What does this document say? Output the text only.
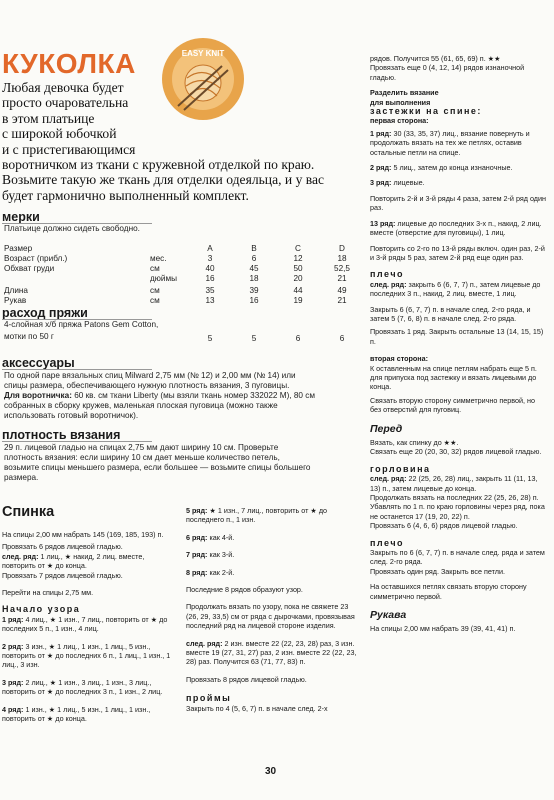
КУКОЛКА	EASY KNIT
Любая девочка будет
просто очаровательна
в этом платьице
с широкой юбочкой
и с пристегивающимся
воротничком из ткани с кружевной отделкой по краю.
Возьмите такую же ткань для отделки одеяльца, и у вас
будет гармонично выполненный комплект.
мерки
Платьице должно сидеть свободно.
Размер	A	B	C	D
Возраст (прибл.)	мес.	3	6	12	18
Обхват груди	см	40	45	50	52,5
дюймы	16	18	20	21
Длина	см	35	39	44	49
Рукав	см	13	16	19	21
расход пряжи
4-слойная х/б пряжа Patons Gem Cotton,
мотки по 50 г	5	5	6	6
аксессуары
По одной паре вязальных спиц Milward 2,75 мм (№ 12) и 2,00 мм (№ 14) или
спицы размера, обеспечивающего нужную плотность вязания, 3 пуговицы.
Для воротничка: 60 кв. см ткани Liberty (мы взяли ткань номер 332022 M), 80 см
собранных в сборку кружев, маленькая плоская пуговица (можно также
использовать готовый воротничок).
плотность вязания
29 п. лицевой гладью на спицах 2,75 мм дают ширину 10 см. Проверьте
плотность вязания: если ширину 10 см дает меньше количество петель,
возьмите спицы меньшего размера, если большее — возьмите спицы большего
размера.
Спинка
На спицы 2,00 мм набрать 145 (169, 185, 193) п.
Провязать 6 рядов лицевой гладью.
след. ряд: 1 лиц., ★ накид, 2 лиц. вместе, повторить от ★ до конца.
Провязать 7 рядов лицевой гладью.
Перейти на спицы 2,75 мм.
Начало узора
1 ряд: 4 лиц., ★ 1 изн., 7 лиц., повторить от ★ до последних 5 п., 1 изн., 4 лиц.
2 ряд: 3 изн., ★ 1 лиц., 1 изн., 1 лиц., 5 изн., повторить от ★ до последних 6 п., 1 лиц., 1 изн., 1 лиц., 3 изн.
3 ряд: 2 лиц., ★ 1 изн., 3 лиц., 1 изн., 3 лиц., повторить от ★ до последних 3 п., 1 изн., 2 лиц.
4 ряд: 1 изн., ★ 1 лиц., 5 изн., 1 лиц., 1 изн., повторить от ★ до конца.
5 ряд: ★ 1 изн., 7 лиц., повторить от ★ до последнего п., 1 изн.
6 ряд: как 4-й.
7 ряд: как 3-й.
8 ряд: как 2-й.
Последние 8 рядов образуют узор.
Продолжать вязать по узору, пока не свяжете 23 (26, 29, 33,5) см от ряда с дырочками, провязывая последний ряд на лицевой стороне изделия.
след. ряд: 2 изн. вместе 22 (22, 23, 28) раз, 3 изн. вместе 19 (27, 31, 27) раз, 2 изн. вместе 22 (22, 23, 28) раз. Получится 63 (71, 77, 83) п.
Провязать 8 рядов лицевой гладью.
проймы
Закрыть по 4 (5, 6, 7) п. в начале след. 2-х
рядов. Получится 55 (61, 65, 69) п. ★★
Провязать еще 0 (4, 12, 14) рядов изнаночной гладью.
Разделить вязание
для выполнения
застежки на спине:
первая сторона:
1 ряд: 30 (33, 35, 37) лиц., вязание повернуть и продолжать вязать на тех же петлях, оставив остальные петли на спице.
2 ряд: 5 лиц., затем до конца изнаночные.
3 ряд: лицевые.
Повторить 2-й и 3-й ряды 4 раза, затем 2-й ряд один раз.
13 ряд: лицевые до последних 3-х п., накид, 2 лиц. вместе (отверстие для пуговицы), 1 лиц.
Повторить со 2-го по 13-й ряды включ. один раз, 2-й и 3-й ряды 5 раз, затем 2-й ряд еще один раз.
плечо
след. ряд: закрыть 6 (6, 7, 7) п., затем лицевые до последних 3 п., накид, 2 лиц. вместе, 1 лиц.
Закрыть 6 (6, 7, 7) п. в начале след. 2-го ряда, и затем 5 (7, 6, 8) п. в начале след. 2-го ряда.
Провязать 1 ряд. Закрыть остальные 13 (14, 15, 15) п.
вторая сторона:
К оставленным на спице петлям набрать еще 5 п. для припуска под застежку и вязать лицевыми до конца.
Связать вторую сторону симметрично первой, но без отверстий для пуговиц.
Перед
Вязать, как спинку до ★★.
Связать еще 20 (20, 30, 32) рядов лицевой гладью.
горловина
след. ряд: 22 (25, 26, 28) лиц., закрыть 11 (11, 13, 13) п., затем лицевые до конца.
Продолжать вязать на последних 22 (25, 26, 28) п.
Убавлять по 1 п. по краю горловины через ряд, пока не останется 17 (19, 20, 22) п.
Провязать 6 (4, 6, 6) рядов лицевой гладью.
плечо
Закрыть по 6 (6, 7, 7) п. в начале след. ряда и затем след. 2-го ряда.
Провязать один ряд. Закрыть все петли.
На оставшихся петлях связать вторую сторону симметрично первой.
Рукава
На спицы 2,00 мм набрать 39 (39, 41, 41) п.
30
